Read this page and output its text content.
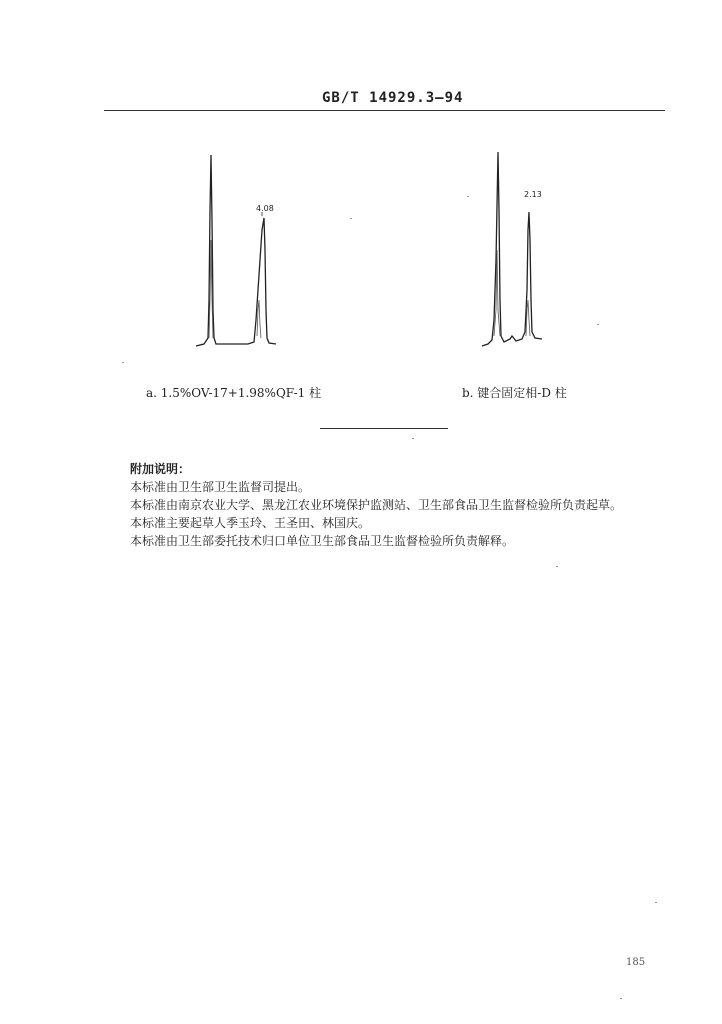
GB/T 14929.3—94
4.08
2.13
a. 1.5%OV-17+1.98%QF-1 柱	b. 键合固定相-D 柱

附加说明：

本标准由卫生部卫生监督司提出。

本标准由南京农业大学、黑龙江农业环境保护监测站、卫生部食品卫生监督检验所负责起草。

本标准主要起草人季玉玲、王圣田、林国庆。

本标准由卫生部委托技术归口单位卫生部食品卫生监督检验所负责解释。

185
